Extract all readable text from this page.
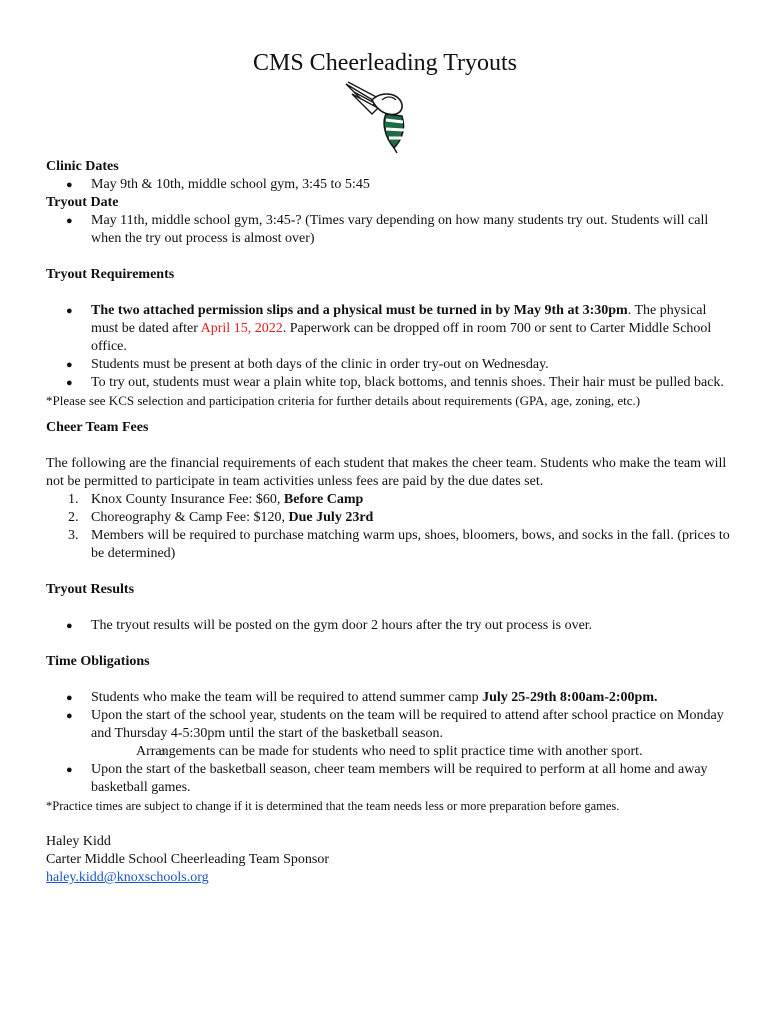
CMS Cheerleading Tryouts

Clinic Dates

● May 9th & 10th, middle school gym, 3:45 to 5:45

Tryout Date

● May 11th, middle school gym, 3:45-? (Times vary depending on how many students try out. Students will call when the try out process is almost over)

Tryout Requirements

● The two attached permission slips and a physical must be turned in by May 9th at 3:30pm. The physical must be dated after April 15, 2022. Paperwork can be dropped off in room 700 or sent to Carter Middle School office.
● Students must be present at both days of the clinic in order try-out on Wednesday.
● To try out, students must wear a plain white top, black bottoms, and tennis shoes. Their hair must be pulled back.

*Please see KCS selection and participation criteria for further details about requirements (GPA, age, zoning, etc.)

Cheer Team Fees

The following are the financial requirements of each student that makes the cheer team. Students who make the team will not be permitted to participate in team activities unless fees are paid by the due dates set.

1. Knox County Insurance Fee: $60, Before Camp
2. Choreography & Camp Fee: $120, Due July 23rd
3. Members will be required to purchase matching warm ups, shoes, bloomers, bows, and socks in the fall. (prices to be determined)

Tryout Results

● The tryout results will be posted on the gym door 2 hours after the try out process is over.

Time Obligations

● Students who make the team will be required to attend summer camp July 25-29th 8:00am-2:00pm.
● Upon the start of the school year, students on the team will be required to attend after school practice on Monday and Thursday 4-5:30pm until the start of the basketball season.
○ Arrangements can be made for students who need to split practice time with another sport.
● Upon the start of the basketball season, cheer team members will be required to perform at all home and away basketball games.

*Practice times are subject to change if it is determined that the team needs less or more preparation before games.

Haley Kidd

Carter Middle School Cheerleading Team Sponsor

haley.kidd@knoxschools.org
